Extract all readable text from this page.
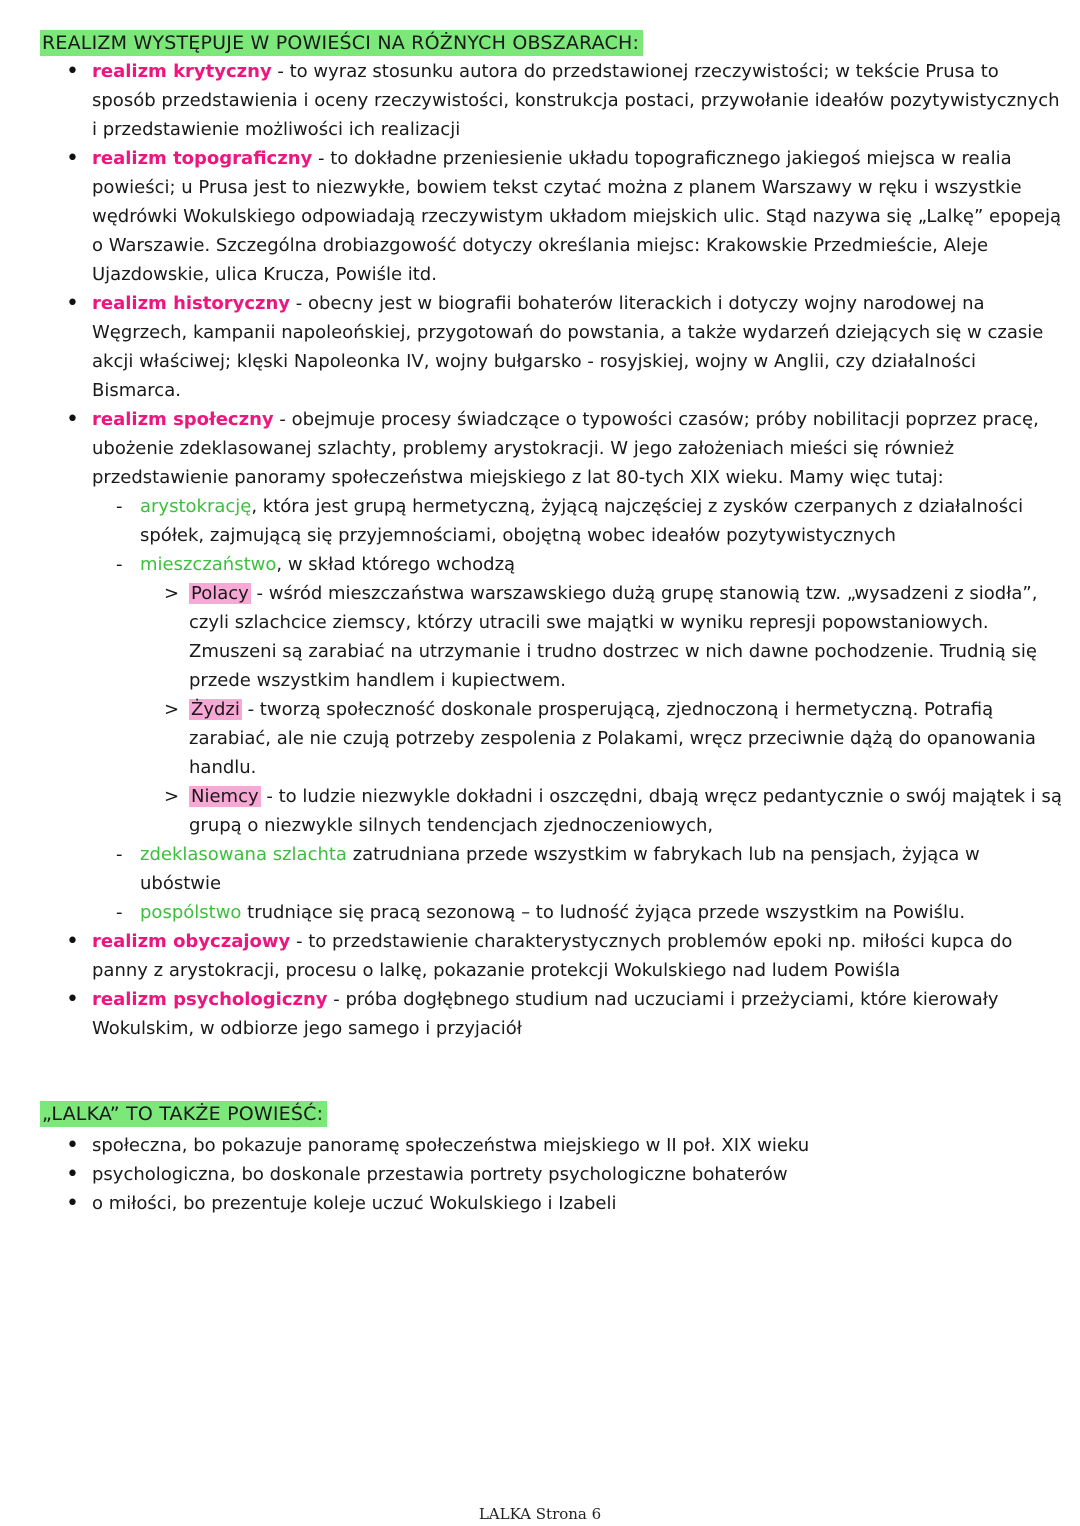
REALIZM WYSTĘPUJE W POWIEŚCI NA RÓŻNYCH OBSZARACH:
• realizm krytyczny - to wyraz stosunku autora do przedstawionej rzeczywistości; w tekście Prusa to sposób przedstawienia i oceny rzeczywistości, konstrukcja postaci, przywołanie ideałów pozytywistycznych i przedstawienie możliwości ich realizacji
• realizm topograficzny - to dokładne przeniesienie układu topograficznego jakiegoś miejsca w realia powieści; u Prusa jest to niezwykłe, bowiem tekst czytać można z planem Warszawy w ręku i wszystkie wędrówki Wokulskiego odpowiadają rzeczywistym układom miejskich ulic. Stąd nazywa się „Lalkę” epopeją o Warszawie. Szczególna drobiazgowość dotyczy określania miejsc: Krakowskie Przedmieście, Aleje Ujazdowskie, ulica Krucza, Powiśle itd.
• realizm historyczny - obecny jest w biografii bohaterów literackich i dotyczy wojny narodowej na Węgrzech, kampanii napoleońskiej, przygotowań do powstania, a także wydarzeń dziejących się w czasie akcji właściwej; klęski Napoleonka IV, wojny bułgarsko - rosyjskiej, wojny w Anglii, czy działalności Bismarca.
• realizm społeczny - obejmuje procesy świadczące o typowości czasów; próby nobilitacji poprzez pracę, ubożenie zdeklasowanej szlachty, problemy arystokracji. W jego założeniach mieści się również przedstawienie panoramy społeczeństwa miejskiego z lat 80-tych XIX wieku. Mamy więc tutaj:
- arystokrację, która jest grupą hermetyczną, żyjącą najczęściej z zysków czerpanych z działalności spółek, zajmującą się przyjemnościami, obojętną wobec ideałów pozytywistycznych
- mieszczaństwo, w skład którego wchodzą
> Polacy - wśród mieszczaństwa warszawskiego dużą grupę stanowią tzw. „wysadzeni z siodła”, czyli szlachcice ziemscy, którzy utracili swe majątki w wyniku represji popowstaniowych. Zmuszeni są zarabiać na utrzymanie i trudno dostrzec w nich dawne pochodzenie. Trudnią się przede wszystkim handlem i kupiectwem.
> Żydzi - tworzą społeczność doskonale prosperującą, zjednoczoną i hermetyczną. Potrafią zarabiać, ale nie czują potrzeby zespolenia z Polakami, wręcz przeciwnie dążą do opanowania handlu.
> Niemcy - to ludzie niezwykle dokładni i oszczędni, dbają wręcz pedantycznie o swój majątek i są grupą o niezwykle silnych tendencjach zjednoczeniowych,
- zdeklasowana szlachta zatrudniana przede wszystkim w fabrykach lub na pensjach, żyjąca w ubóstwie
- pospólstwo trudniące się pracą sezonową – to ludność żyjąca przede wszystkim na Powiślu.
• realizm obyczajowy - to przedstawienie charakterystycznych problemów epoki np. miłości kupca do panny z arystokracji, procesu o lalkę, pokazanie protekcji Wokulskiego nad ludem Powiśla
• realizm psychologiczny - próba dogłębnego studium nad uczuciami i przeżyciami, które kierowały Wokulskim, w odbiorze jego samego i przyjaciół
„LALKA” TO TAKŻE POWIEŚĆ:
• społeczna, bo pokazuje panoramę społeczeństwa miejskiego w II poł. XIX wieku
• psychologiczna, bo doskonale przestawia portrety psychologiczne bohaterów
• o miłości, bo prezentuje koleje uczuć Wokulskiego i Izabeli
LALKA Strona 6
